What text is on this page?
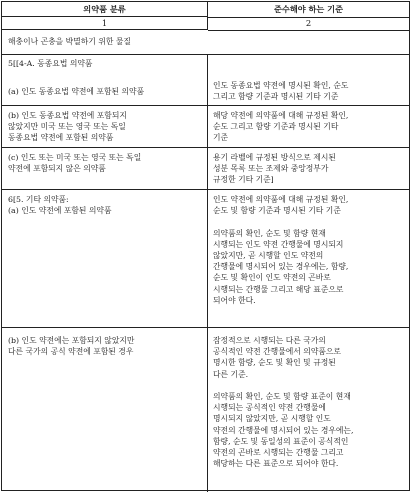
의약품 분류	준수해야 하는 기준
1	2
해충이나 곤충을 박멸하기 위한 물질
5[[4-A. 동종요법 의약품
(a) 인도 동종요법 약전에 포함된 의약품
인도 동종요법 약전에 명시된 확인, 순도
그리고 함량 기준과 명시된 기타 기준
(b) 인도 동종요법 약전에 포함되지
않았지만 미국 또는 영국 또는 독일
동종요법 약전에 포함된 의약품
해당 약전에 의약품에 대해 규정된 확인,
순도 그리고 함량 기준과 명시된 기타
기준
(c) 인도 또는 미국 또는 영국 또는 독일
약전에 포함되지 않은 의약품
용기 라벨에 규정된 방식으로 제시된
성분 목록 또는 조제와 중앙정부가
규정한 기타 기준]
6[5. 기타 의약품:
(a) 인도 약전에 포함된 의약품
인도 약전에 의약품에 대해 규정된 확인,
순도 및 함량 기준과 명시된 기타 기준

의약품의 확인, 순도 및 함량 현재
시행되는 인도 약전 간행물에 명시되지
않았지만, 곧 시행할 인도 약전의
간행물에 명시되어 있는 경우에는, 함량,
순도 및 확인이 인도 약전의 곤바로
시행되는 간행물 그리고 해당 표준으로
되어야 한다.
(b) 인도 약전에는 포함되지 않았지만
다른 국가의 공식 약전에 포함된 경우
잠정적으로 시행되는 다른 국가의
공식적인 약전 간행물에서 의약품으로
명시한 함량, 순도 및 확인 및 규정된
다른 기준.

의약품의 확인, 순도 및 함량 표준이 현재
시행되는 공식적인 약전 간행물에
명시되지 않았지만, 곧 시행할 인도
약전의 간행물에 명시되어 있는 경우에는,
함량, 순도 및 동일성의 표준이 공식적인
약전의 곤바로 시행되는 간행물 그리고
해당하는 다른 표준으로 되어야 한다.
